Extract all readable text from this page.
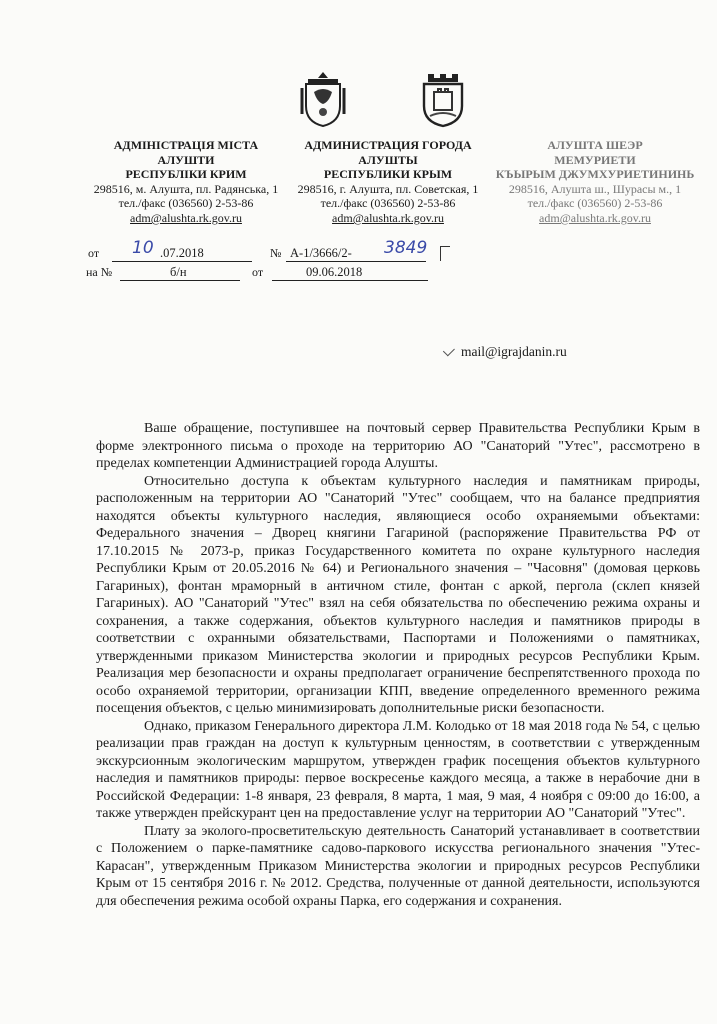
АДМІНІСТРАЦІЯ МІСТА
АЛУШТИ
РЕСПУБЛІКИ КРИМ
298516, м. Алушта, пл. Радянська, 1
тел./факс (036560) 2-53-86
adm@alushta.rk.gov.ru
АДМИНИСТРАЦИЯ ГОРОДА
АЛУШТЫ
РЕСПУБЛИКИ КРЫМ
298516, г. Алушта, пл. Советская, 1
тел./факс (036560) 2-53-86
adm@alushta.rk.gov.ru
АЛУШТА ШЕЭР
МЕМУРИЕТИ
КЪЫРЫМ ДЖУМХУРИЕТИНИНЬ
298516, Алушта ш., Шурасы м., 1
тел./факс (036560) 2-53-86
adm@alushta.rk.gov.ru
от 10 .07.2018	№ А-1/3666/2- 3849
на №	б/н	от	09.06.2018
mail@igrajdanin.ru

Ваше обращение, поступившее на почтовый сервер Правительства Республики Крым в форме электронного письма о проходе на территорию АО "Санаторий "Утес", рассмотрено в пределах компетенции Администрацией города Алушты.

Относительно доступа к объектам культурного наследия и памятникам природы, расположенным на территории АО "Санаторий "Утес" сообщаем, что на балансе предприятия находятся объекты культурного наследия, являющиеся особо охраняемыми объектами: Федерального значения – Дворец княгини Гагариной (распоряжение Правительства РФ от 17.10.2015 № 2073-р, приказ Государственного комитета по охране культурного наследия Республики Крым от 20.05.2016 № 64) и Регионального значения – "Часовня" (домовая церковь Гагариных), фонтан мраморный в античном стиле, фонтан с аркой, пергола (склеп князей Гагариных). АО "Санаторий "Утес" взял на себя обязательства по обеспечению режима охраны и сохранения, а также содержания, объектов культурного наследия и памятников природы в соответствии с охранными обязательствами, Паспортами и Положениями о памятниках, утвержденными приказом Министерства экологии и природных ресурсов Республики Крым. Реализация мер безопасности и охраны предполагает ограничение беспрепятственного прохода по особо охраняемой территории, организации КПП, введение определенного временного режима посещения объектов, с целью минимизировать дополнительные риски безопасности.

Однако, приказом Генерального директора Л.М. Колодько от 18 мая 2018 года № 54, с целью реализации прав граждан на доступ к культурным ценностям, в соответствии с утвержденным экскурсионным экологическим маршрутом, утвержден график посещения объектов культурного наследия и памятников природы: первое воскресенье каждого месяца, а также в нерабочие дни в Российской Федерации: 1-8 января, 23 февраля, 8 марта, 1 мая, 9 мая, 4 ноября с 09:00 до 16:00, а также утвержден прейскурант цен на предоставление услуг на территории АО "Санаторий "Утес".

Плату за эколого-просветительскую деятельность Санаторий устанавливает в соответствии с Положением о парке-памятнике садово-паркового искусства регионального значения "Утес- Карасан", утвержденным Приказом Министерства экологии и природных ресурсов Республики Крым от 15 сентября 2016 г. № 2012. Средства, полученные от данной деятельности, используются для обеспечения режима особой охраны Парка, его содержания и сохранения.
